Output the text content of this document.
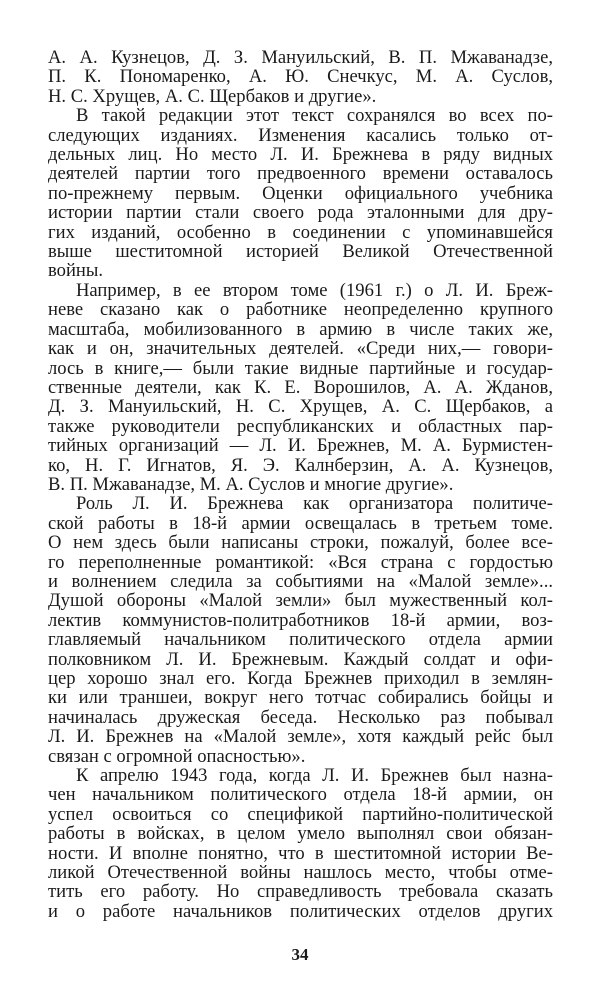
А. А. Кузнецов, Д. З. Мануильский, В. П. Мжаванадзе,
П. К. Пономаренко, А. Ю. Снечкус, М. А. Суслов,
Н. С. Хрущев, А. С. Щербаков и другие».
В такой редакции этот текст сохранялся во всех по-
следующих изданиях. Изменения касались только от-
дельных лиц. Но место Л. И. Брежнева в ряду видных
деятелей партии того предвоенного времени оставалось
по-прежнему первым. Оценки официального учебника
истории партии стали своего рода эталонными для дру-
гих изданий, особенно в соединении с упоминавшейся
выше шеститомной историей Великой Отечественной
войны.
Например, в ее втором томе (1961 г.) о Л. И. Бреж-
неве сказано как о работнике неопределенно крупного
масштаба, мобилизованного в армию в числе таких же,
как и он, значительных деятелей. «Среди них,— говори-
лось в книге,— были такие видные партийные и государ-
ственные деятели, как К. Е. Ворошилов, А. А. Жданов,
Д. З. Мануильский, Н. С. Хрущев, А. С. Щербаков, а
также руководители республиканских и областных пар-
тийных организаций — Л. И. Брежнев, М. А. Бурмистен-
ко, Н. Г. Игнатов, Я. Э. Калнберзин, А. А. Кузнецов,
В. П. Мжаванадзе, М. А. Суслов и многие другие».
Роль Л. И. Брежнева как организатора политиче-
ской работы в 18-й армии освещалась в третьем томе.
О нем здесь были написаны строки, пожалуй, более все-
го переполненные романтикой: «Вся страна с гордостью
и волнением следила за событиями на «Малой земле»...
Душой обороны «Малой земли» был мужественный кол-
лектив коммунистов-политработников 18-й армии, воз-
главляемый начальником политического отдела армии
полковником Л. И. Брежневым. Каждый солдат и офи-
цер хорошо знал его. Когда Брежнев приходил в землян-
ки или траншеи, вокруг него тотчас собирались бойцы и
начиналась дружеская беседа. Несколько раз побывал
Л. И. Брежнев на «Малой земле», хотя каждый рейс был
связан с огромной опасностью».
К апрелю 1943 года, когда Л. И. Брежнев был назна-
чен начальником политического отдела 18-й армии, он
успел освоиться со спецификой партийно-политической
работы в войсках, в целом умело выполнял свои обязан-
ности. И вполне понятно, что в шеститомной истории Ве-
ликой Отечественной войны нашлось место, чтобы отме-
тить его работу. Но справедливость требовала сказать
и о работе начальников политических отделов других
34
